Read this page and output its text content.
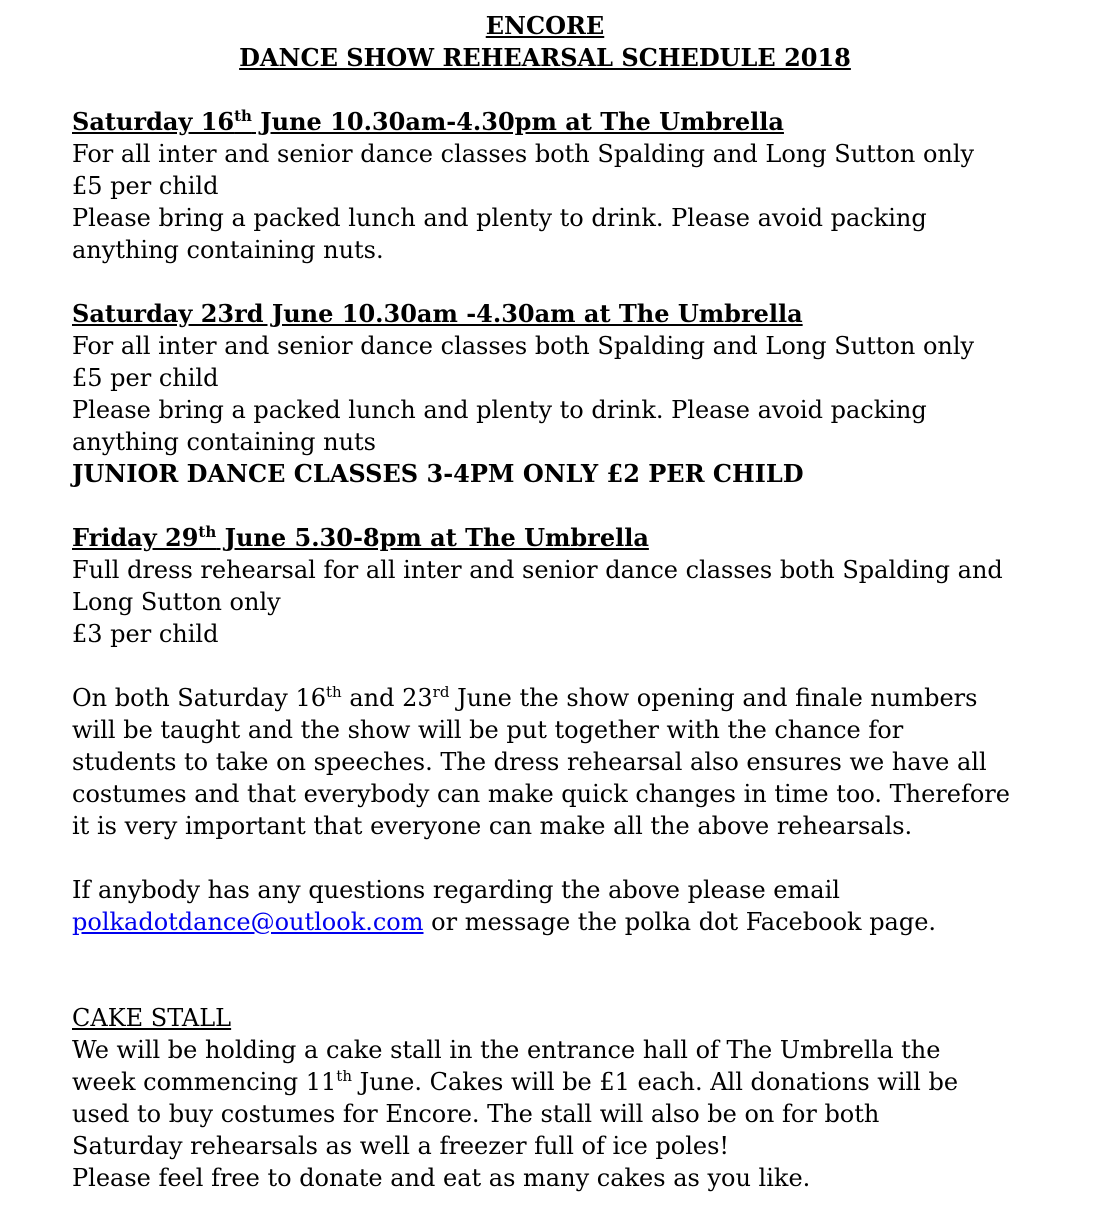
ENCORE

DANCE SHOW REHEARSAL SCHEDULE 2018

Saturday 16th June 10.30am-4.30pm at The Umbrella

For all inter and senior dance classes both Spalding and Long Sutton only

£5 per child

Please bring a packed lunch and plenty to drink. Please avoid packing anything containing nuts.

Saturday 23rd June 10.30am -4.30am at The Umbrella

For all inter and senior dance classes both Spalding and Long Sutton only

£5 per child

Please bring a packed lunch and plenty to drink. Please avoid packing anything containing nuts

JUNIOR DANCE CLASSES 3-4PM ONLY £2 PER CHILD

Friday 29th June 5.30-8pm at The Umbrella

Full dress rehearsal for all inter and senior dance classes both Spalding and Long Sutton only

£3 per child

On both Saturday 16th and 23rd June the show opening and finale numbers will be taught and the show will be put together with the chance for students to take on speeches. The dress rehearsal also ensures we have all costumes and that everybody can make quick changes in time too. Therefore it is very important that everyone can make all the above rehearsals.

If anybody has any questions regarding the above please email

polkadotdance@outlook.com or message the polka dot Facebook page.

CAKE STALL

We will be holding a cake stall in the entrance hall of The Umbrella the week commencing 11th June. Cakes will be £1 each. All donations will be used to buy costumes for Encore. The stall will also be on for both Saturday rehearsals as well a freezer full of ice poles!

Please feel free to donate and eat as many cakes as you like.
